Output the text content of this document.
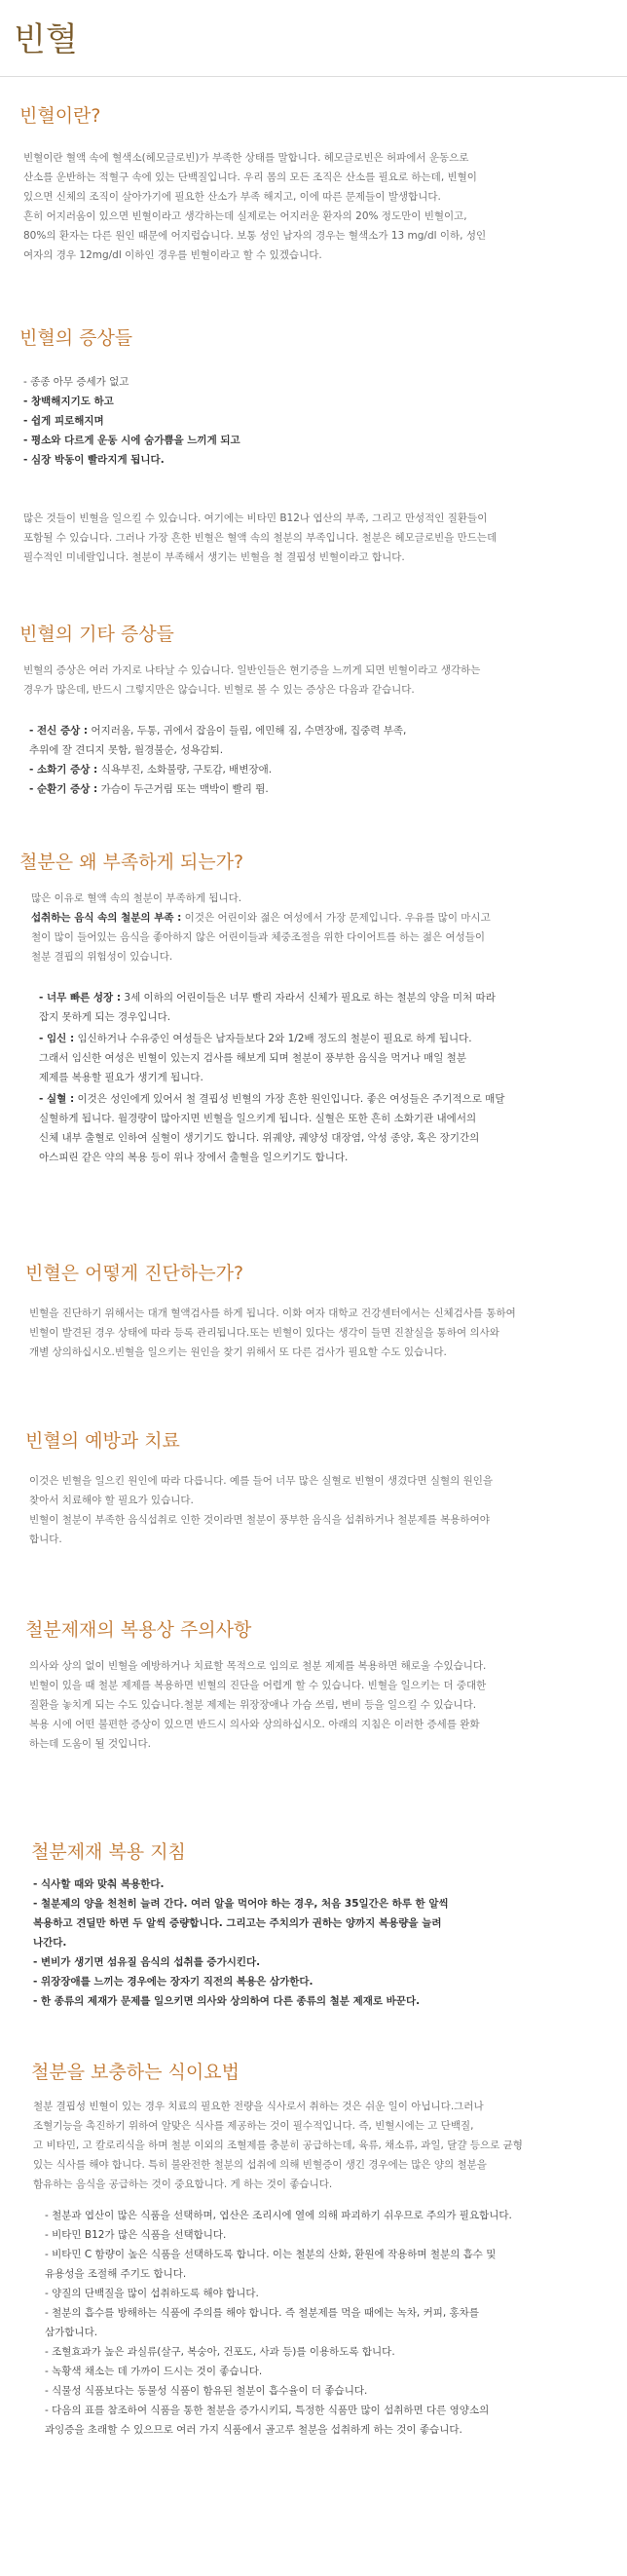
빈혈
빈혈이란?

빈혈이란 혈액 속에 혈색소(헤모글로빈)가 부족한 상태를 말합니다. 헤모글로빈은 허파에서 운동으로
산소를 운반하는 적혈구 속에 있는 단백질입니다. 우리 몸의 모든 조직은 산소를 필요로 하는데, 빈혈이
있으면 신체의 조직이 살아가기에 필요한 산소가 부족 해지고, 이에 따른 문제들이 발생합니다.
흔히 어지러움이 있으면 빈혈이라고 생각하는데 실제로는 어지러운 환자의 20% 정도만이 빈혈이고,
80%의 환자는 다른 원인 때문에 어지럽습니다. 보통 성인 남자의 경우는 혈색소가 13 mg/dl 이하, 성인
여자의 경우 12mg/dl 이하인 경우를 빈혈이라고 할 수 있겠습니다.

빈혈의 증상들
- 종종 아무 증세가 없고
- 창백해지기도 하고
- 쉽게 피로해지며
- 평소와 다르게 운동 시에 숨가쁨을 느끼게 되고
- 심장 박동이 빨라지게 됩니다.

많은 것들이 빈혈을 일으킬 수 있습니다. 여기에는 비타민 B12나 엽산의 부족, 그리고 만성적인 질환들이
포함될 수 있습니다. 그러나 가장 흔한 빈혈은 혈액 속의 철분의 부족입니다. 철분은 헤모글로빈을 만드는데
필수적인 미네랄입니다. 철분이 부족해서 생기는 빈혈을 철 결핍성 빈혈이라고 합니다.

빈혈의 기타 증상들

빈혈의 증상은 여러 가지로 나타날 수 있습니다. 일반인들은 현기증을 느끼게 되면 빈혈이라고 생각하는
경우가 많은데, 반드시 그렇지만은 않습니다. 빈혈로 볼 수 있는 증상은 다음과 같습니다.

- 전신 증상 : 어지러움, 두통, 귀에서 잡음이 들림, 에민해 짐, 수면장애, 집중력 부족,
추위에 잘 견디지 못함, 월경불순, 성욕감퇴.
- 소화기 증상 : 식욕부진, 소화불량, 구토감, 배변장애.
- 순환기 증상 : 가슴이 두근거림 또는 맥박이 빨리 뜀.
철분은 왜 부족하게 되는가?

많은 이유로 혈액 속의 철분이 부족하게 됩니다.

섭취하는 음식 속의 철분의 부족 : 이것은 어린이와 젊은 여성에서 가장 문제입니다. 우유를 많이 마시고
철이 많이 들어있는 음식을 좋아하지 않은 어린이들과 체중조절을 위한 다이어트를 하는 젊은 여성들이
철분 결핍의 위험성이 있습니다.

- 너무 빠른 성장 : 3세 이하의 어린이들은 너무 빨리 자라서 신체가 필요로 하는 철분의 양을 미처 따라
잡지 못하게 되는 경우입니다.
- 임신 : 임신하거나 수유중인 여성들은 남자들보다 2와 1/2배 정도의 철분이 필요로 하게 됩니다.
그래서 임신한 여성은 빈혈이 있는지 검사를 해보게 되며 철분이 풍부한 음식을 먹거나 매일 철분
제제를 복용할 필요가 생기게 됩니다.
- 실혈 : 이것은 성인에게 있어서 철 결핍성 빈혈의 가장 흔한 원인입니다. 좋은 여성들은 주기적으로 매달
실혈하게 됩니다. 월경량이 많아지면 빈혈을 일으키게 됩니다. 실혈은 또한 흔히 소화기관 내에서의
신체 내부 출혈로 인하여 실혈이 생기기도 합니다. 위궤양, 궤양성 대장염, 악성 종양, 혹은 장기간의
아스피린 같은 약의 복용 등이 위나 장에서 출혈을 일으키기도 합니다.
빈혈은 어떻게 진단하는가?

빈혈을 진단하기 위해서는 대개 혈액검사를 하게 됩니다. 이화 여자 대학교 건강센터에서는 신체검사를 통하여
빈혈이 발견된 경우 상태에 따라 등록 관리됩니다.또는 빈혈이 있다는 생각이 들면 진찰실을 통하여 의사와
개별 상의하십시오.빈혈을 일으키는 원인을 찾기 위해서 또 다른 검사가 필요할 수도 있습니다.

빈혈의 예방과 치료

이것은 빈혈을 일으킨 원인에 따라 다릅니다. 예를 들어 너무 많은 실혈로 빈혈이 생겼다면 실혈의 원인을
찾아서 치료해야 할 필요가 있습니다.
빈혈이 철분이 부족한 음식섭취로 인한 것이라면 철분이 풍부한 음식을 섭취하거나 철분제를 복용하여야
합니다.

철분제재의 복용상 주의사항

의사와 상의 없이 빈혈을 예방하거나 치료할 목적으로 임의로 철분 제제를 복용하면 해로울 수있습니다.
빈혈이 있을 때 철분 제제를 복용하면 빈혈의 진단을 어렵게 할 수 있습니다. 빈혈을 일으키는 더 중대한
질환을 놓치게 되는 수도 있습니다.철분 제제는 위장장애나 가슴 쓰림, 변비 등을 일으킬 수 있습니다.
복용 시에 어떤 불편한 증상이 있으면 반드시 의사와 상의하십시오. 아래의 지침은 이러한 증세를 완화
하는데 도움이 될 것입니다.

철분제재 복용 지침
- 식사할 때와 맞춰 복용한다.
- 철분제의 양을 천천히 늘려 간다. 여러 알을 먹어야 하는 경우, 처음 35일간은 하루 한 알씩
복용하고 견딜만 하면 두 알씩 증량합니다. 그리고는 주치의가 권하는 양까지 복용량을 늘려
나간다.
- 변비가 생기면 섬유질 음식의 섭취를 증가시킨다.
- 위장장애를 느끼는 경우에는 장자기 직전의 복용은 삼가한다.
- 한 종류의 제재가 문제를 일으키면 의사와 상의하여 다른 종류의 철분 제재로 바꾼다.
철분을 보충하는 식이요법

철분 결핍성 빈혈이 있는 경우 치료의 필요한 전량을 식사로서 취하는 것은 쉬운 일이 아닙니다.그러나
조혈기능을 촉진하기 위하여 알맞은 식사를 제공하는 것이 필수적입니다. 즉, 빈혈시에는 고 단백질,
고 비타민, 고 칼로리식을 하며 철분 이외의 조혈제를 충분히 공급하는데, 육류, 채소류, 과일, 달걀 등으로 균형
있는 식사를 해야 합니다. 특히 불완전한 철분의 섭취에 의해 빈혈증이 생긴 경우에는 많은 양의 철분을
함유하는 음식을 공급하는 것이 중요합니다. 게 하는 것이 좋습니다.

- 철분과 엽산이 많은 식품을 선택하며, 엽산은 조리시에 열에 의해 파괴하기 쉬우므로 주의가 필요합니다.
- 비타민 B12가 많은 식품을 선택합니다.
- 비타민 C 함량이 높은 식품을 선택하도록 합니다. 이는 철분의 산화, 환원에 작용하며 철분의 흡수 및
유용성을 조절해 주기도 합니다.
- 양질의 단백질을 많이 섭취하도록 해야 합니다.
- 철분의 흡수를 방해하는 식품에 주의를 해야 합니다. 즉 철분제를 먹을 때에는 녹차, 커피, 홍차를
삼가합니다.
- 조혈효과가 높은 과실류(살구, 복숭아, 건포도, 사과 등)를 이용하도록 합니다.
- 녹황색 채소는 데 가까이 드시는 것이 좋습니다.
- 식물성 식품보다는 동물성 식품이 함유된 철분이 흡수율이 더 좋습니다.
- 다음의 표를 참조하여 식품을 통한 철분을 증가시키되, 특정한 식품만 많이 섭취하면 다른 영양소의
과잉증을 초래할 수 있으므로 여러 가지 식품에서 골고루 철분을 섭취하게 하는 것이 좋습니다.
